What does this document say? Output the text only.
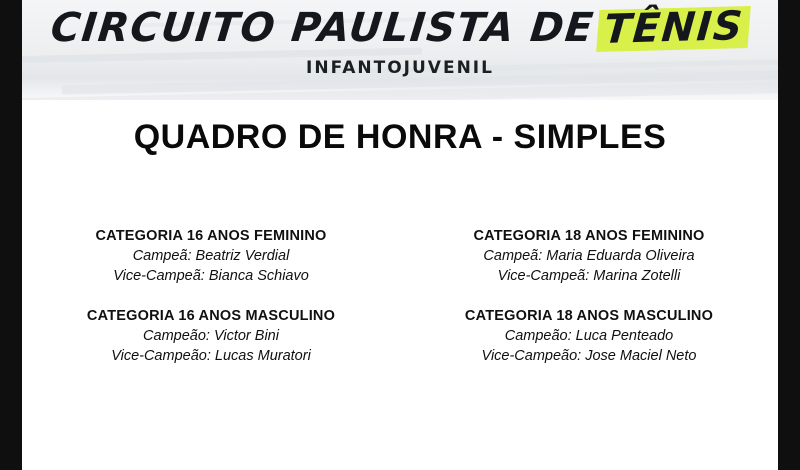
CIRCUITO PAULISTA DE TÊNIS
INFANTOJUVENIL
QUADRO DE HONRA - SIMPLES
CATEGORIA 16 ANOS FEMININO
Campeã: Beatriz Verdial
Vice-Campeã: Bianca Schiavo
CATEGORIA 16 ANOS MASCULINO
Campeão: Victor Bini
Vice-Campeão: Lucas Muratori
CATEGORIA 18 ANOS FEMININO
Campeã: Maria Eduarda Oliveira
Vice-Campeã: Marina Zotelli
CATEGORIA 18 ANOS MASCULINO
Campeão: Luca Penteado
Vice-Campeão: Jose Maciel Neto
